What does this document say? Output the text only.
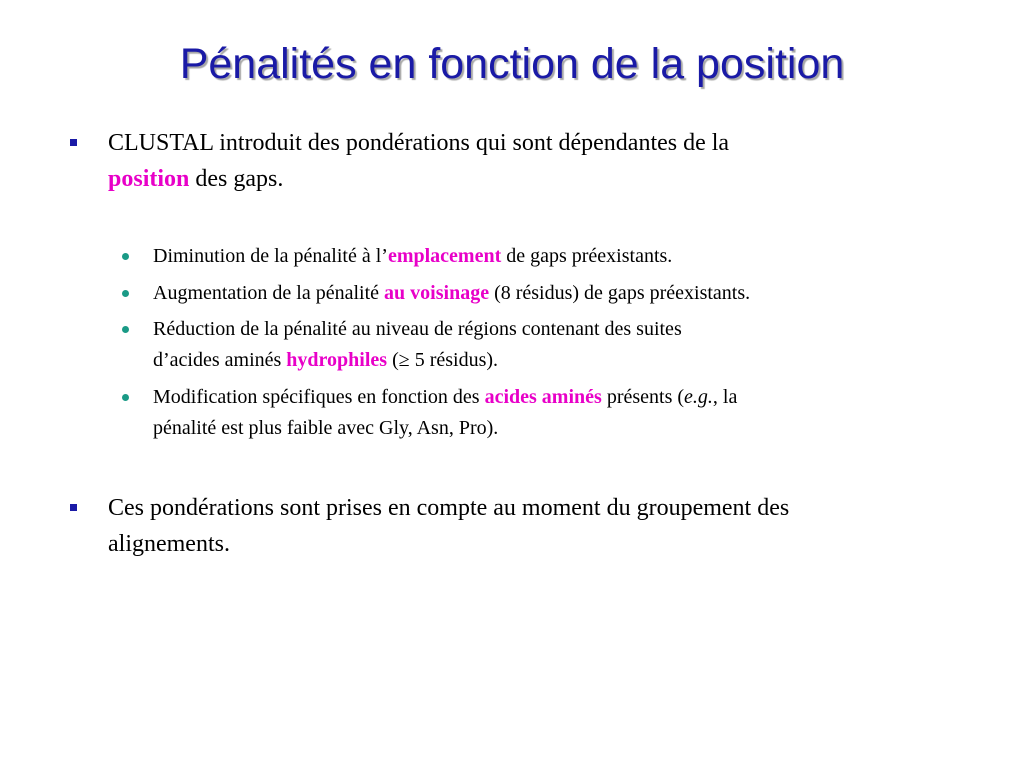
Pénalités en fonction de la position
CLUSTAL introduit des pondérations qui sont dépendantes de la
position des gaps.
Diminution de la pénalité à l’emplacement de gaps préexistants.
Augmentation de la pénalité au voisinage (8 résidus) de gaps préexistants.
Réduction de la pénalité au niveau de régions contenant des suites
d’acides aminés hydrophiles (≥ 5 résidus).
Modification spécifiques en fonction des acides aminés présents (e.g., la
pénalité est plus faible avec Gly, Asn, Pro).
Ces pondérations sont prises en compte au moment du groupement des
alignements.
